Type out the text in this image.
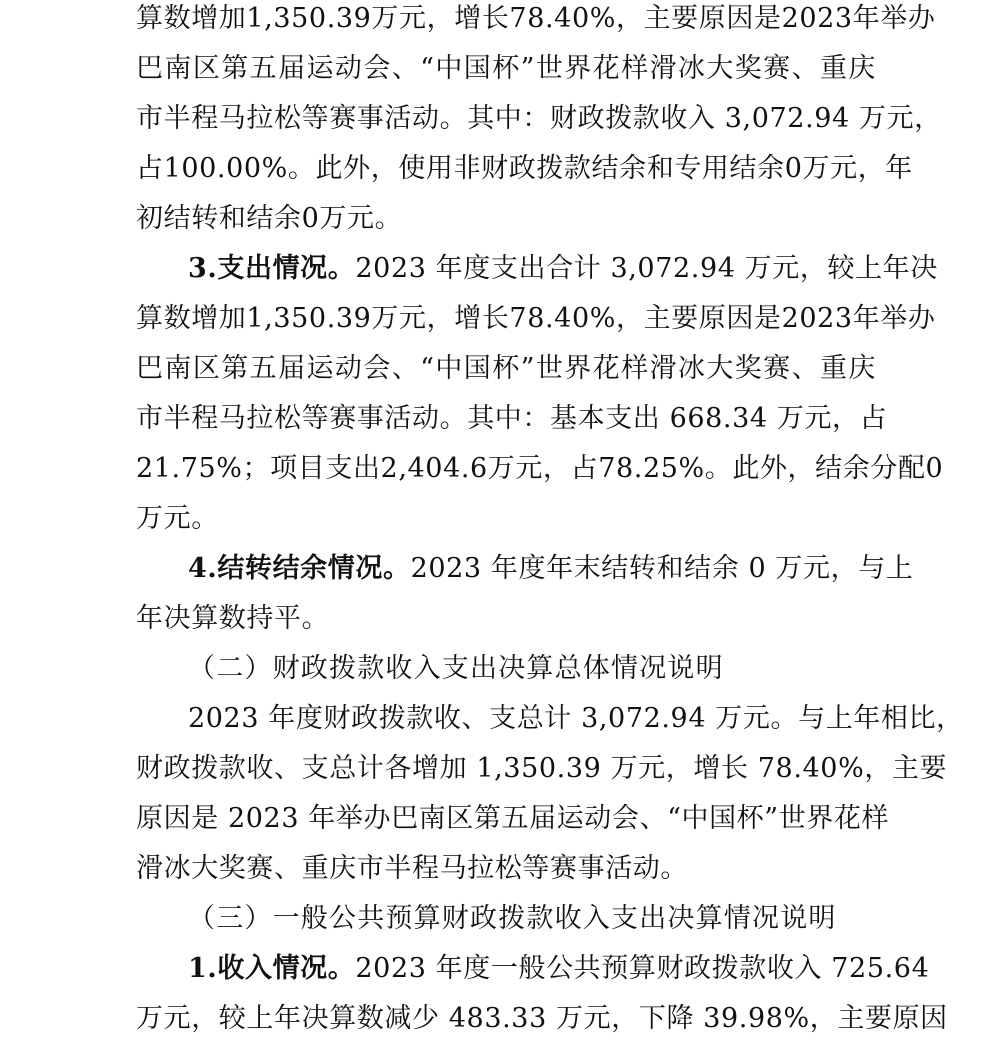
算数增加1,350.39万元，增长78.40%，主要原因是2023年举办
巴南区第五届运动会、“中国杯”世界花样滑冰大奖赛、重庆
市半程马拉松等赛事活动。其中：财政拨款收入 3,072.94 万元，
占100.00%。此外，使用非财政拨款结余和专用结余0万元，年
初结转和结余0万元。
3.支出情况。2023 年度支出合计 3,072.94 万元，较上年决
算数增加1,350.39万元，增长78.40%，主要原因是2023年举办
巴南区第五届运动会、“中国杯”世界花样滑冰大奖赛、重庆
市半程马拉松等赛事活动。其中：基本支出 668.34 万元，占
21.75%；项目支出2,404.6万元，占78.25%。此外，结余分配0
万元。
4.结转结余情况。2023 年度年末结转和结余 0 万元，与上
年决算数持平。
（二）财政拨款收入支出决算总体情况说明
2023 年度财政拨款收、支总计 3,072.94 万元。与上年相比，
财政拨款收、支总计各增加 1,350.39 万元，增长 78.40%，主要
原因是 2023 年举办巴南区第五届运动会、“中国杯”世界花样
滑冰大奖赛、重庆市半程马拉松等赛事活动。
（三）一般公共预算财政拨款收入支出决算情况说明
1.收入情况。2023 年度一般公共预算财政拨款收入 725.64
万元，较上年决算数减少 483.33 万元，下降 39.98%，主要原因
